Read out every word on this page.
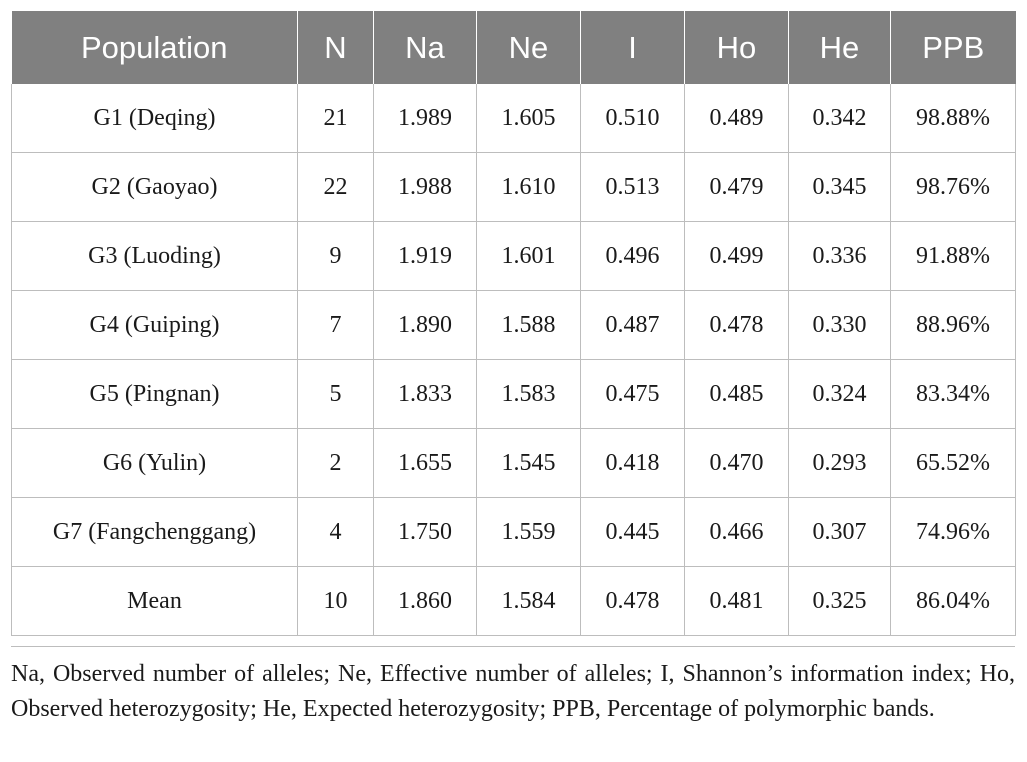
Population	N	Na	Ne	I	Ho	He	PPB
G1 (Deqing)	21	1.989	1.605	0.510	0.489	0.342	98.88%
G2 (Gaoyao)	22	1.988	1.610	0.513	0.479	0.345	98.76%
G3 (Luoding)	9	1.919	1.601	0.496	0.499	0.336	91.88%
G4 (Guiping)	7	1.890	1.588	0.487	0.478	0.330	88.96%
G5 (Pingnan)	5	1.833	1.583	0.475	0.485	0.324	83.34%
G6 (Yulin)	2	1.655	1.545	0.418	0.470	0.293	65.52%
G7 (Fangchenggang)	4	1.750	1.559	0.445	0.466	0.307	74.96%
Mean	10	1.860	1.584	0.478	0.481	0.325	86.04%
Na, Observed number of alleles; Ne, Effective number of alleles; I, Shannon’s information index; Ho, Observed heterozygosity; He, Expected heterozygosity; PPB, Percentage of polymorphic bands.
